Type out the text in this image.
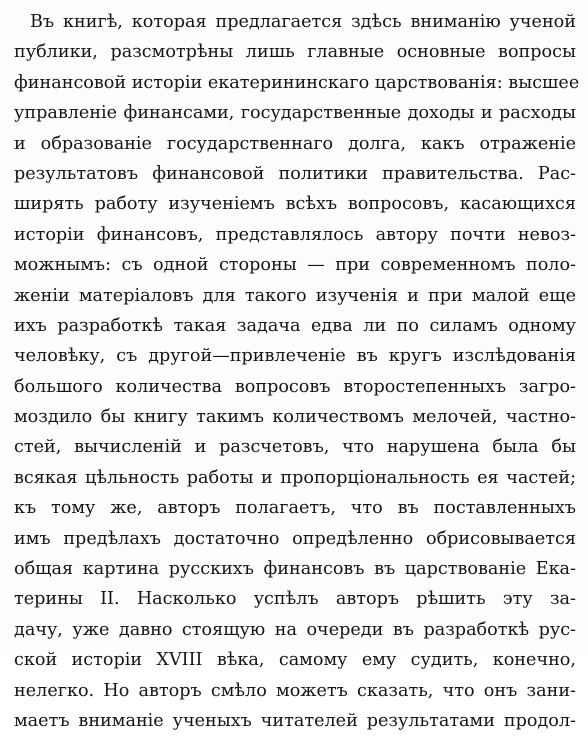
Въ книгѣ, которая предлагается здѣсь вниманію ученой
публики, разсмотрѣны лишь главные основные вопросы
финансовой исторіи екатерининскаго царствованія: высшее
управленіе финансами, государственные доходы и расходы
и образованіе государственнаго долга, какъ отраженіе
результатовъ финансовой политики правительства. Рас-
ширять работу изученіемъ всѣхъ вопросовъ, касающихся
исторіи финансовъ, представлялось автору почти невоз-
можнымъ: съ одной стороны — при современномъ поло-
женіи матеріаловъ для такого изученія и при малой еще
ихъ разработкѣ такая задача едва ли по силамъ одному
человѣку, съ другой—привлеченіе въ кругъ изслѣдованія
большого количества вопросовъ второстепенныхъ загро-
моздило бы книгу такимъ количествомъ мелочей, частно-
стей, вычисленій и разсчетовъ, что нарушена была бы
всякая цѣльность работы и пропорціональность ея частей;
къ тому же, авторъ полагаетъ, что въ поставленныхъ
имъ предѣлахъ достаточно опредѣленно обрисовывается
общая картина русскихъ финансовъ въ царствованіе Ека-
терины II. Насколько успѣлъ авторъ рѣшить эту за-
дачу, уже давно стоящую на очереди въ разработкѣ рус-
ской исторіи XVIII вѣка, самому ему судить, конечно,
нелегко. Но авторъ смѣло можетъ сказать, что онъ зани-
маетъ вниманіе ученыхъ читателей результатами продол-
